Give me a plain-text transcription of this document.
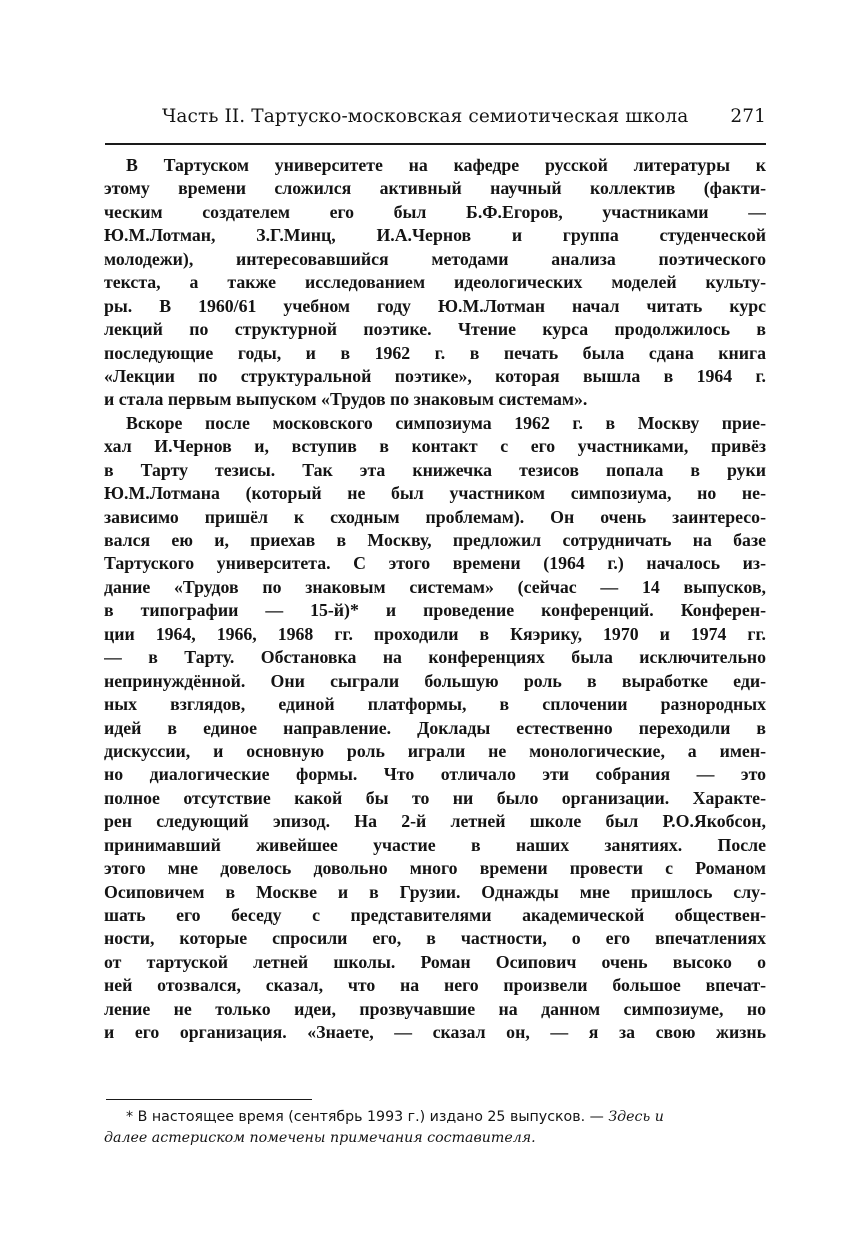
Часть II. Тартуско-московская семиотическая школа 271
В Тартуском университете на кафедре русской литературы к
этому времени сложился активный научный коллектив (факти-
ческим создателем его был Б.Ф.Егоров, участниками —
Ю.М.Лотман, З.Г.Минц, И.А.Чернов и группа студенческой
молодежи), интересовавшийся методами анализа поэтического
текста, а также исследованием идеологических моделей культу-
ры. В 1960/61 учебном году Ю.М.Лотман начал читать курс
лекций по структурной поэтике. Чтение курса продолжилось в
последующие годы, и в 1962 г. в печать была сдана книга
«Лекции по структуральной поэтике», которая вышла в 1964 г.
и стала первым выпуском «Трудов по знаковым системам».
Вскоре после московского симпозиума 1962 г. в Москву прие-
хал И.Чернов и, вступив в контакт с его участниками, привёз
в Тарту тезисы. Так эта книжечка тезисов попала в руки
Ю.М.Лотмана (который не был участником симпозиума, но не-
зависимо пришёл к сходным проблемам). Он очень заинтересо-
вался ею и, приехав в Москву, предложил сотрудничать на базе
Тартуского университета. С этого времени (1964 г.) началось из-
дание «Трудов по знаковым системам» (сейчас — 14 выпусков,
в типографии — 15-й)* и проведение конференций. Конферен-
ции 1964, 1966, 1968 гг. проходили в Кяэрику, 1970 и 1974 гг.
— в Тарту. Обстановка на конференциях была исключительно
непринуждённой. Они сыграли большую роль в выработке еди-
ных взглядов, единой платформы, в сплочении разнородных
идей в единое направление. Доклады естественно переходили в
дискуссии, и основную роль играли не монологические, а имен-
но диалогические формы. Что отличало эти собрания — это
полное отсутствие какой бы то ни было организации. Характе-
рен следующий эпизод. На 2-й летней школе был Р.О.Якобсон,
принимавший живейшее участие в наших занятиях. После
этого мне довелось довольно много времени провести с Романом
Осиповичем в Москве и в Грузии. Однажды мне пришлось слу-
шать его беседу с представителями академической обществен-
ности, которые спросили его, в частности, о его впечатлениях
от тартуской летней школы. Роман Осипович очень высоко о
ней отозвался, сказал, что на него произвели большое впечат-
ление не только идеи, прозвучавшие на данном симпозиуме, но
и его организация. «Знаете, — сказал он, — я за свою жизнь
* В настоящее время (сентябрь 1993 г.) издано 25 выпусков. — Здесь и
далее астериском помечены примечания составителя.
